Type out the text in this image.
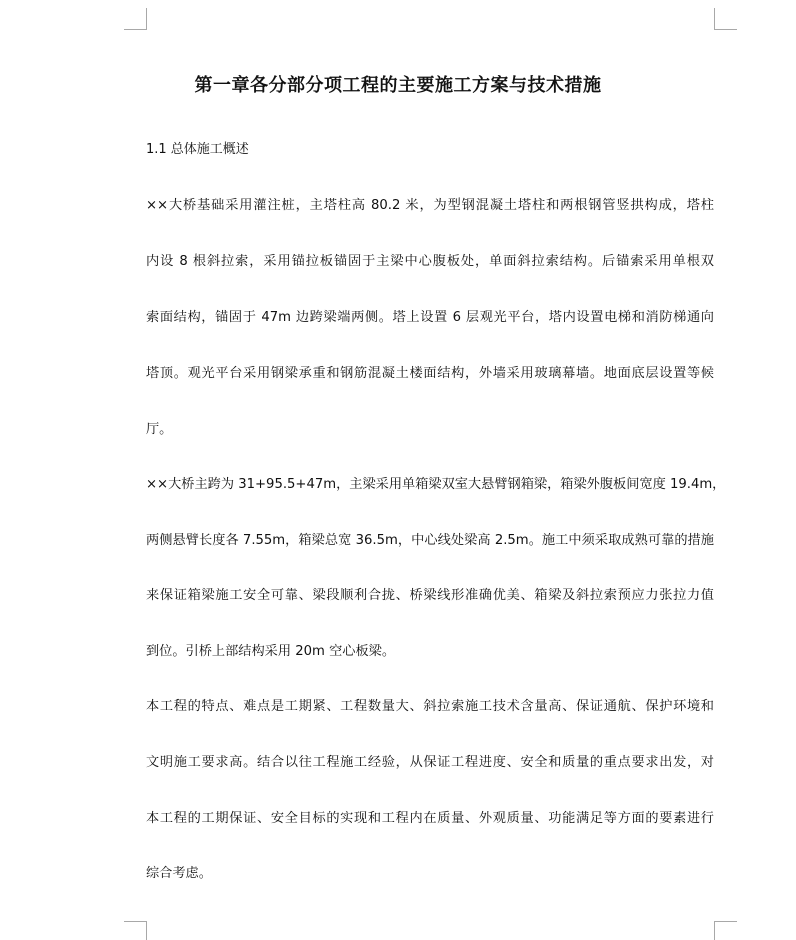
第一章各分部分项工程的主要施工方案与技术措施
1.1 总体施工概述
××大桥基础采用灌注桩，主塔柱高 80.2 米，为型钢混凝土塔柱和两根钢管竖拱构成，塔柱
内设 8 根斜拉索，采用锚拉板锚固于主梁中心腹板处，单面斜拉索结构。后锚索采用单根双
索面结构，锚固于 47m 边跨梁端两侧。塔上设置 6 层观光平台，塔内设置电梯和消防梯通向
塔顶。观光平台采用钢梁承重和钢筋混凝土楼面结构，外墙采用玻璃幕墙。地面底层设置等候
厅。
××大桥主跨为 31+95.5+47m，主梁采用单箱梁双室大悬臂钢箱梁，箱梁外腹板间宽度 19.4m，
两侧悬臂长度各 7.55m，箱梁总宽 36.5m，中心线处梁高 2.5m。施工中须采取成熟可靠的措施
来保证箱梁施工安全可靠、梁段顺利合拢、桥梁线形准确优美、箱梁及斜拉索预应力张拉力值
到位。引桥上部结构采用 20m 空心板梁。
本工程的特点、难点是工期紧、工程数量大、斜拉索施工技术含量高、保证通航、保护环境和
文明施工要求高。结合以往工程施工经验，从保证工程进度、安全和质量的重点要求出发，对
本工程的工期保证、安全目标的实现和工程内在质量、外观质量、功能满足等方面的要素进行
综合考虑。
